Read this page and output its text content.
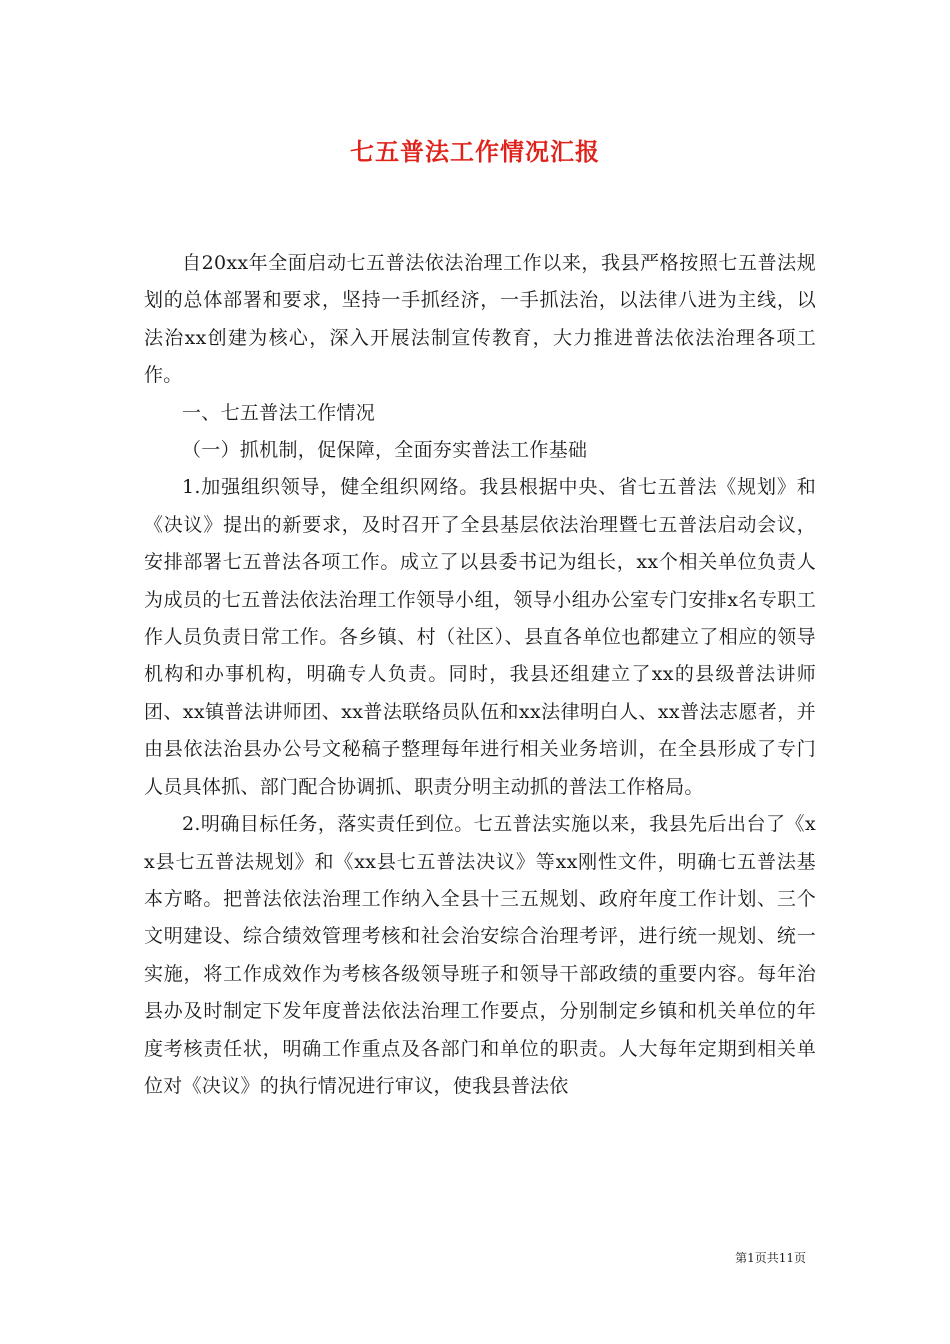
七五普法工作情况汇报

自20xx年全面启动七五普法依法治理工作以来，我县严格按照七五普法规划的总体部署和要求，坚持一手抓经济，一手抓法治，以法律八进为主线，以法治xx创建为核心，深入开展法制宣传教育，大力推进普法依法治理各项工作。

一、七五普法工作情况

（一）抓机制，促保障，全面夯实普法工作基础

1.加强组织领导，健全组织网络。我县根据中央、省七五普法《规划》和《决议》提出的新要求，及时召开了全县基层依法治理暨七五普法启动会议，安排部署七五普法各项工作。成立了以县委书记为组长，xx个相关单位负责人为成员的七五普法依法治理工作领导小组，领导小组办公室专门安排x名专职工作人员负责日常工作。各乡镇、村（社区）、县直各单位也都建立了相应的领导机构和办事机构，明确专人负责。同时，我县还组建立了xx的县级普法讲师团、xx镇普法讲师团、xx普法联络员队伍和xx法律明白人、xx普法志愿者，并由县依法治县办公号文秘稿子整理每年进行相关业务培训，在全县形成了专门人员具体抓、部门配合协调抓、职责分明主动抓的普法工作格局。

2.明确目标任务，落实责任到位。七五普法实施以来，我县先后出台了《xx县七五普法规划》和《xx县七五普法决议》等xx刚性文件，明确七五普法基本方略。把普法依法治理工作纳入全县十三五规划、政府年度工作计划、三个文明建设、综合绩效管理考核和社会治安综合治理考评，进行统一规划、统一实施，将工作成效作为考核各级领导班子和领导干部政绩的重要内容。每年治县办及时制定下发年度普法依法治理工作要点，分别制定乡镇和机关单位的年度考核责任状，明确工作重点及各部门和单位的职责。人大每年定期到相关单位对《决议》的执行情况进行审议，使我县普法依

第1页共11页
